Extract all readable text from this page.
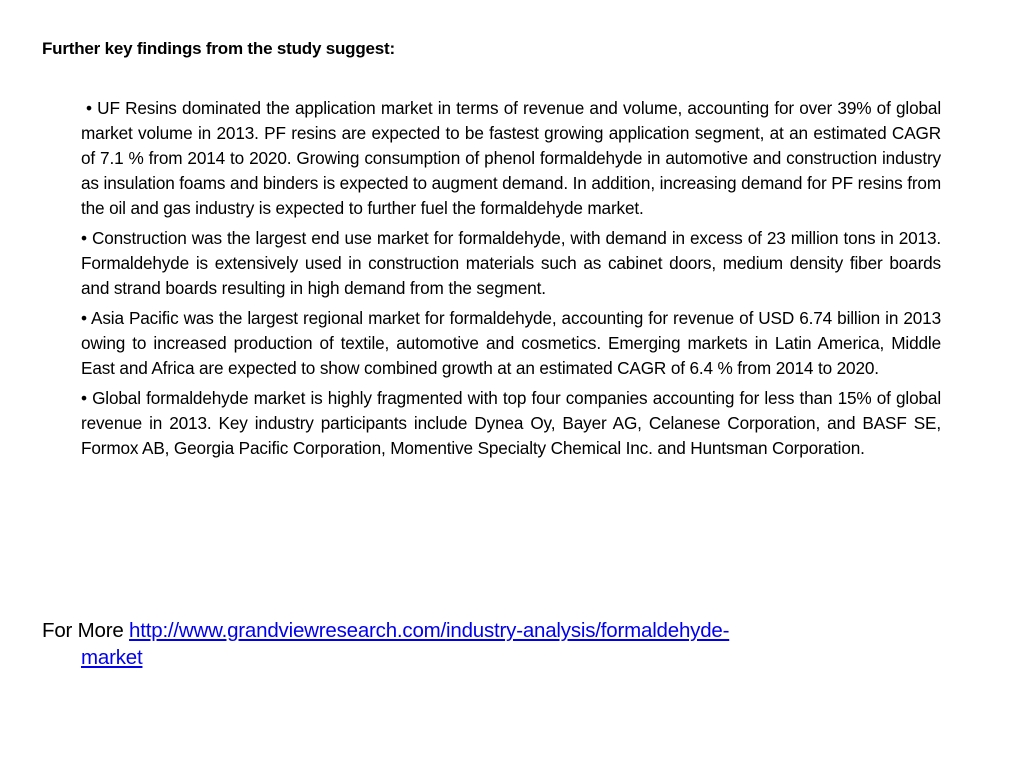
Further key findings from the study suggest:
• UF Resins dominated the application market in terms of revenue and volume, accounting for over 39% of global market volume in 2013. PF resins are expected to be fastest growing application segment, at an estimated CAGR of 7.1 % from 2014 to 2020. Growing consumption of phenol formaldehyde in automotive and construction industry as insulation foams and binders is expected to augment demand. In addition, increasing demand for PF resins from the oil and gas industry is expected to further fuel the formaldehyde market.
• Construction was the largest end use market for formaldehyde, with demand in excess of 23 million tons in 2013. Formaldehyde is extensively used in construction materials such as cabinet doors, medium density fiber boards and strand boards resulting in high demand from the segment.
• Asia Pacific was the largest regional market for formaldehyde, accounting for revenue of USD 6.74 billion in 2013 owing to increased production of textile, automotive and cosmetics. Emerging markets in Latin America, Middle East and Africa are expected to show combined growth at an estimated CAGR of 6.4 % from 2014 to 2020.
• Global formaldehyde market is highly fragmented with top four companies accounting for less than 15% of global revenue in 2013. Key industry participants include Dynea Oy, Bayer AG, Celanese Corporation, and BASF SE, Formox AB, Georgia Pacific Corporation, Momentive Specialty Chemical Inc. and Huntsman Corporation.
For More http://www.grandviewresearch.com/industry-analysis/formaldehyde-
market
